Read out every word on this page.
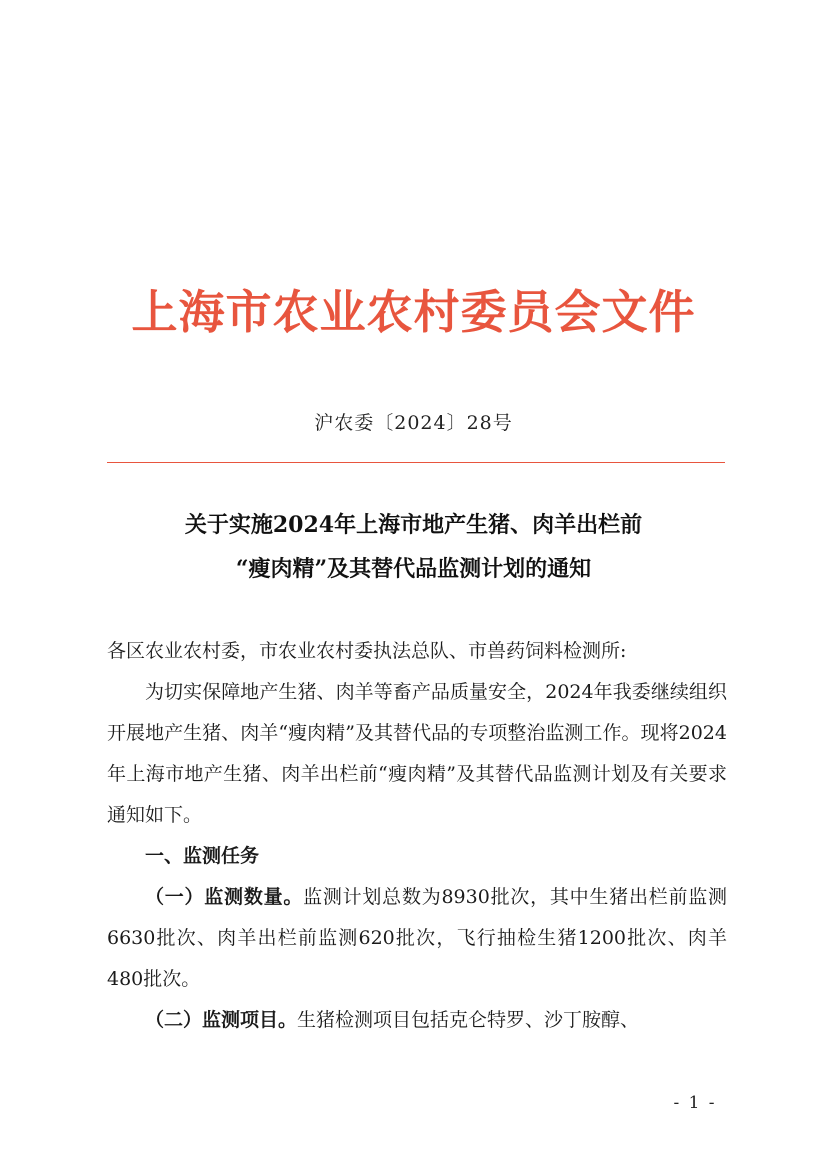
上海市农业农村委员会文件
沪农委〔2024〕28号
关于实施2024年上海市地产生猪、肉羊出栏前
“瘦肉精”及其替代品监测计划的通知

各区农业农村委，市农业农村委执法总队、市兽药饲料检测所:

为切实保障地产生猪、肉羊等畜产品质量安全，2024年我委继续组织开展地产生猪、肉羊“瘦肉精”及其替代品的专项整治监测工作。现将2024年上海市地产生猪、肉羊出栏前“瘦肉精”及其替代品监测计划及有关要求通知如下。

一、监测任务

（一）监测数量。监测计划总数为8930批次，其中生猪出栏前监测6630批次、肉羊出栏前监测620批次，飞行抽检生猪1200批次、肉羊480批次。

（二）监测项目。生猪检测项目包括克仑特罗、沙丁胺醇、

- 1 -
